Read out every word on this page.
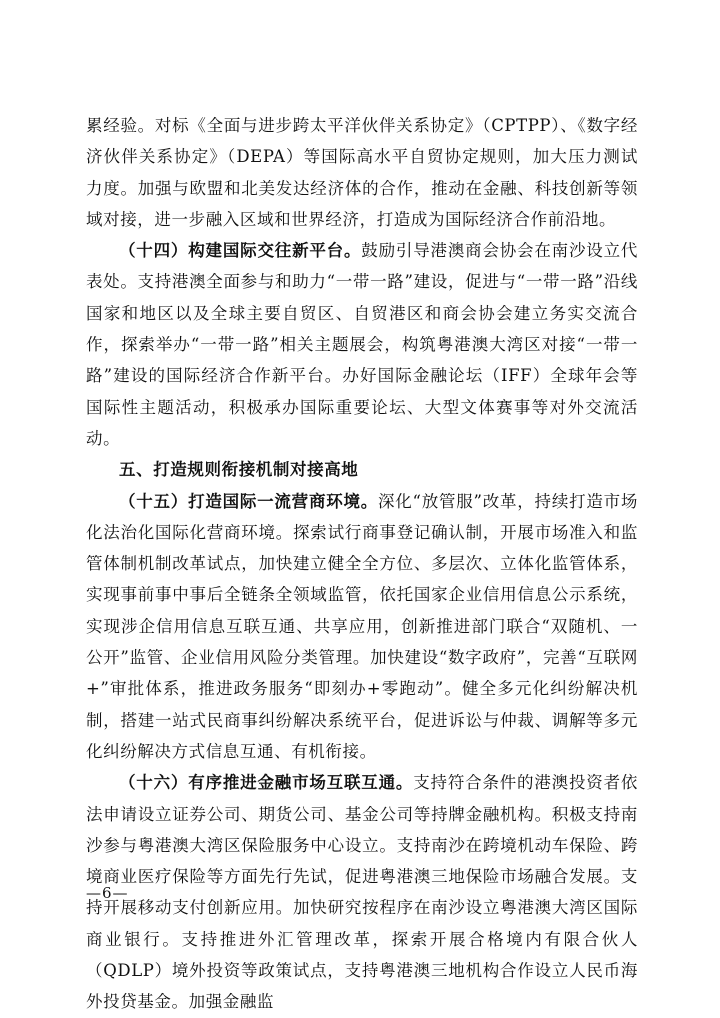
累经验。对标《全面与进步跨太平洋伙伴关系协定》（CPTPP）、《数字经济伙伴关系协定》（DEPA）等国际高水平自贸协定规则，加大压力测试力度。加强与欧盟和北美发达经济体的合作，推动在金融、科技创新等领域对接，进一步融入区域和世界经济，打造成为国际经济合作前沿地。

（十四）构建国际交往新平台。鼓励引导港澳商会协会在南沙设立代表处。支持港澳全面参与和助力“一带一路”建设，促进与“一带一路”沿线国家和地区以及全球主要自贸区、自贸港区和商会协会建立务实交流合作，探索举办“一带一路”相关主题展会，构筑粤港澳大湾区对接“一带一路”建设的国际经济合作新平台。办好国际金融论坛（IFF）全球年会等国际性主题活动，积极承办国际重要论坛、大型文体赛事等对外交流活动。

五、打造规则衔接机制对接高地

（十五）打造国际一流营商环境。深化“放管服”改革，持续打造市场化法治化国际化营商环境。探索试行商事登记确认制，开展市场准入和监管体制机制改革试点，加快建立健全全方位、多层次、立体化监管体系，实现事前事中事后全链条全领域监管，依托国家企业信用信息公示系统，实现涉企信用信息互联互通、共享应用，创新推进部门联合“双随机、一公开”监管、企业信用风险分类管理。加快建设“数字政府”，完善“互联网+”审批体系，推进政务服务“即刻办+零跑动”。健全多元化纠纷解决机制，搭建一站式民商事纠纷解决系统平台，促进诉讼与仲裁、调解等多元化纠纷解决方式信息互通、有机衔接。

（十六）有序推进金融市场互联互通。支持符合条件的港澳投资者依法申请设立证券公司、期货公司、基金公司等持牌金融机构。积极支持南沙参与粤港澳大湾区保险服务中心设立。支持南沙在跨境机动车保险、跨境商业医疗保险等方面先行先试，促进粤港澳三地保险市场融合发展。支持开展移动支付创新应用。加快研究按程序在南沙设立粤港澳大湾区国际商业银行。支持推进外汇管理改革，探索开展合格境内有限合伙人（QDLP）境外投资等政策试点，支持粤港澳三地机构合作设立人民币海外投贷基金。加强金融监

—6—
